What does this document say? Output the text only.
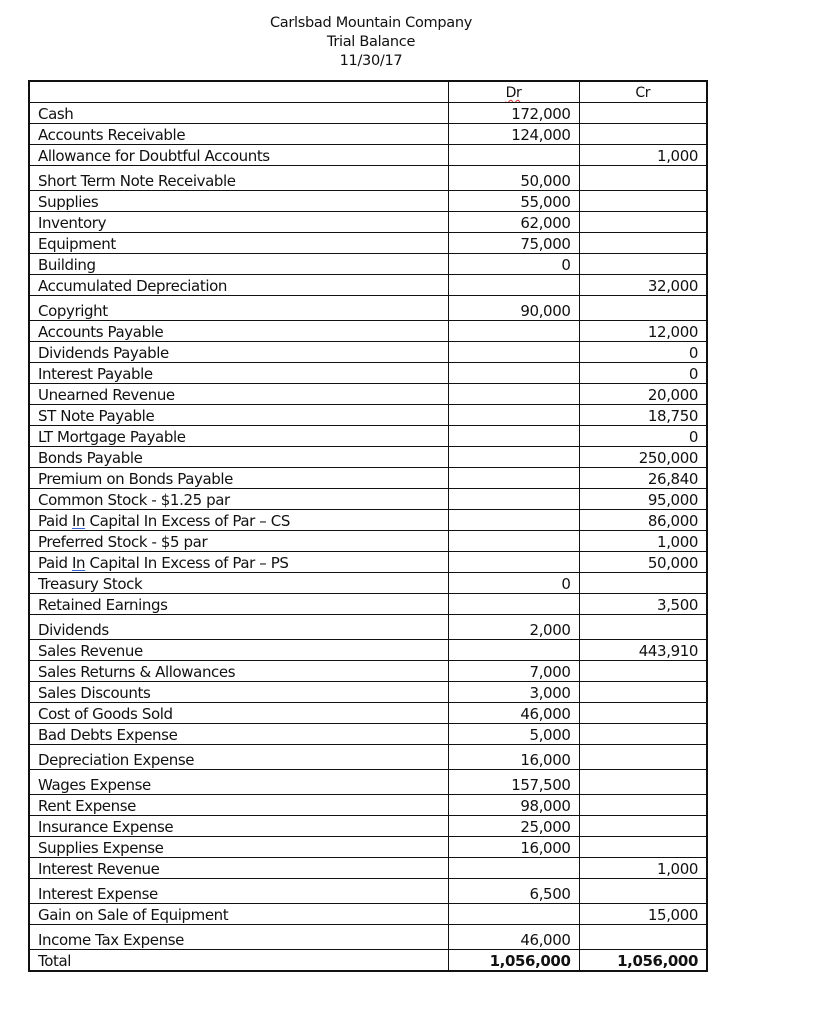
Carlsbad Mountain Company
Trial Balance
11/30/17
	Dr	Cr
Cash	172,000	
Accounts Receivable	124,000	
Allowance for Doubtful Accounts		1,000
Short Term Note Receivable	50,000	
Supplies	55,000	
Inventory	62,000	
Equipment	75,000	
Building	0	
Accumulated Depreciation		32,000
Copyright	90,000	
Accounts Payable		12,000
Dividends Payable		0
Interest Payable		0
Unearned Revenue		20,000
ST Note Payable		18,750
LT Mortgage Payable		0
Bonds Payable		250,000
Premium on Bonds Payable		26,840
Common Stock - $1.25 par		95,000
Paid In Capital In Excess of Par – CS		86,000
Preferred Stock - $5 par		1,000
Paid In Capital In Excess of Par – PS		50,000
Treasury Stock	0	
Retained Earnings		3,500
Dividends	2,000	
Sales Revenue		443,910
Sales Returns & Allowances	7,000	
Sales Discounts	3,000	
Cost of Goods Sold	46,000	
Bad Debts Expense	5,000	
Depreciation Expense	16,000	
Wages Expense	157,500	
Rent Expense	98,000	
Insurance Expense	25,000	
Supplies Expense	16,000	
Interest Revenue		1,000
Interest Expense	6,500	
Gain on Sale of Equipment		15,000
Income Tax Expense	46,000	
Total	1,056,000	1,056,000
